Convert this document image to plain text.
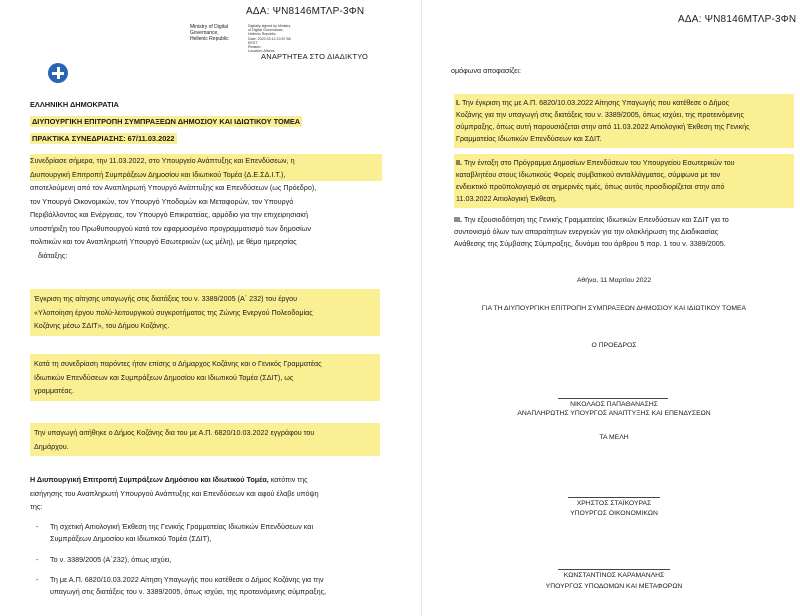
ΑΔΑ: ΨΝ8146ΜΤΛΡ-3ΦΝ
Ministry of Digital
Governance,
Hellenic Republic
Digitally signed by Ministry
of Digital Governance,
Hellenic Republic
Date: 2022.03.14 10:57:58
EEST
Reason:
Location: Athens
ΑΝΑΡΤΗΤΕΑ ΣΤΟ ΔΙΑΔΙΚΤΥΟ
ΕΛΛΗΝΙΚΗ ΔΗΜΟΚΡΑΤΙΑ
ΔΙΥΠΟΥΡΓΙΚΗ ΕΠΙΤΡΟΠΗ ΣΥΜΠΡΑΞΕΩΝ ΔΗΜΟΣΙΟΥ ΚΑΙ ΙΔΙΩΤΙΚΟΥ ΤΟΜΕΑ
ΠΡΑΚΤΙΚΑ ΣΥΝΕΔΡΙΑΣΗΣ: 67/11.03.2022
Συνεδρίασε σήμερα, την 11.03.2022, στο Υπουργείο Ανάπτυξης και Επενδύσεων, η
Διυπουργική Επιτροπή Συμπράξεων Δημοσίου και Ιδιωτικού Τομέα (Δ.Ε.ΣΔ.Ι.Τ.),
αποτελούμενη από τον Αναπληρωτή Υπουργό Ανάπτυξης και Επενδύσεων (ως Πρόεδρο),
τον Υπουργό Οικονομικών, τον Υπουργό Υποδομών και Μεταφορών, τον Υπουργό
Περιβάλλοντος και Ενέργειας, τον Υπουργό Επικρατείας, αρμόδιο για την επιχειρησιακή
υποστήριξη του Πρωθυπουργού κατά τον εφαρμοσμένο προγραμματισμό των δημοσίων
πολιτικών και τον Αναπληρωτή Υπουργό Εσωτερικών (ως μέλη), με θέμα ημερησίας
διάταξης:
Έγκριση της αίτησης υπαγωγής στις διατάξεις του ν. 3389/2005 (Α΄ 232) του έργου
«Υλοποίηση έργου πολύ-λειτουργικού συγκροτήματος της Ζώνης Ενεργού Πολεοδομίας
Κοζάνης μέσω ΣΔΙΤ», του Δήμου Κοζάνης.
Κατά τη συνεδρίαση παρόντες ήταν επίσης ο Δήμαρχος Κοζάνης και ο Γενικός Γραμματέας
Ιδιωτικών Επενδύσεων και Συμπράξεων Δημοσίου και Ιδιωτικού Τομέα (ΣΔΙΤ), ως
γραμματέας.
Την υπαγωγή αιτήθηκε ο Δήμος Κοζάνης δια του με Α.Π. 6820/10.03.2022 εγγράφου του
Δημάρχου.
Η Διυπουργική Επιτροπή Συμπράξεων Δημόσιου και Ιδιωτικού Τομέα, κατόπιν της
εισήγησης του Αναπληρωτή Υπουργού Ανάπτυξης και Επενδύσεων και αφού έλαβε υπόψη
της:
- Τη σχετική Αιτιολογική Έκθεση της Γενικής Γραμματείας Ιδιωτικών Επενδύσεων και
Συμπράξεων Δημοσίου και Ιδιωτικού Τομέα (ΣΔΙΤ),
- Το ν. 3389/2005 (Α΄232), όπως ισχύει,
- Τη με Α.Π. 6820/10.03.2022 Αίτηση Υπαγωγής που κατέθεσε ο Δήμος Κοζάνης για την
υπαγωγή στις διατάξεις του ν. 3389/2005, όπως ισχύει, της προτεινόμενης σύμπραξης,
ΑΔΑ: ΨΝ8146ΜΤΛΡ-3ΦΝ
ομόφωνα αποφασίζει:
I. Την έγκριση της με Α.Π. 6820/10.03.2022 Αίτησης Υπαγωγής που κατέθεσε ο Δήμος
Κοζάνης για την υπαγωγή στις διατάξεις του ν. 3389/2005, όπως ισχύει, της προτεινόμενης
σύμπραξης, όπως αυτή παρουσιάζεται στην από 11.03.2022 Αιτιολογική Έκθεση της Γενικής
Γραμματείας Ιδιωτικών Επενδύσεων και ΣΔΙΤ.
II. Την ένταξη στο Πρόγραμμα Δημοσίων Επενδύσεων του Υπουργείου Εσωτερικών του
καταβλητέου στους Ιδιωτικούς Φορείς συμβατικού ανταλλάγματος, σύμφωνα με τον
ενδεικτικό προϋπολογισμό σε σημερινές τιμές, όπως αυτός προσδιορίζεται στην από
11.03.2022 Αιτιολογική Έκθεση.
III. Την εξουσιοδότηση της Γενικής Γραμματείας Ιδιωτικών Επενδύσεων και ΣΔΙΤ για το
συντονισμό όλων των απαραίτητων ενεργειών για την ολοκλήρωση της Διαδικασίας
Ανάθεσης της Σύμβασης Σύμπραξης, δυνάμει του άρθρου 5 παρ. 1 του ν. 3389/2005.
Αθήνα, 11 Μαρτίου 2022
ΓΙΑ ΤΗ ΔΙΥΠΟΥΡΓΙΚΗ ΕΠΙΤΡΟΠΗ ΣΥΜΠΡΑΞΕΩΝ ΔΗΜΟΣΙΟΥ ΚΑΙ ΙΔΙΩΤΙΚΟΥ ΤΟΜΕΑ
Ο ΠΡΟΕΔΡΟΣ
ΝΙΚΟΛΑΟΣ ΠΑΠΑΘΑΝΑΣΗΣ
ΑΝΑΠΛΗΡΩΤΗΣ ΥΠΟΥΡΓΟΣ ΑΝΑΠΤΥΞΗΣ ΚΑΙ ΕΠΕΝΔΥΣΕΩΝ
ΤΑ ΜΕΛΗ
ΧΡΗΣΤΟΣ ΣΤΑΪΚΟΥΡΑΣ
ΥΠΟΥΡΓΟΣ ΟΙΚΟΝΟΜΙΚΩΝ
ΚΩΝΣΤΑΝΤΙΝΟΣ ΚΑΡΑΜΑΝΛΗΣ
ΥΠΟΥΡΓΟΣ ΥΠΟΔΟΜΩΝ ΚΑΙ ΜΕΤΑΦΟΡΩΝ
